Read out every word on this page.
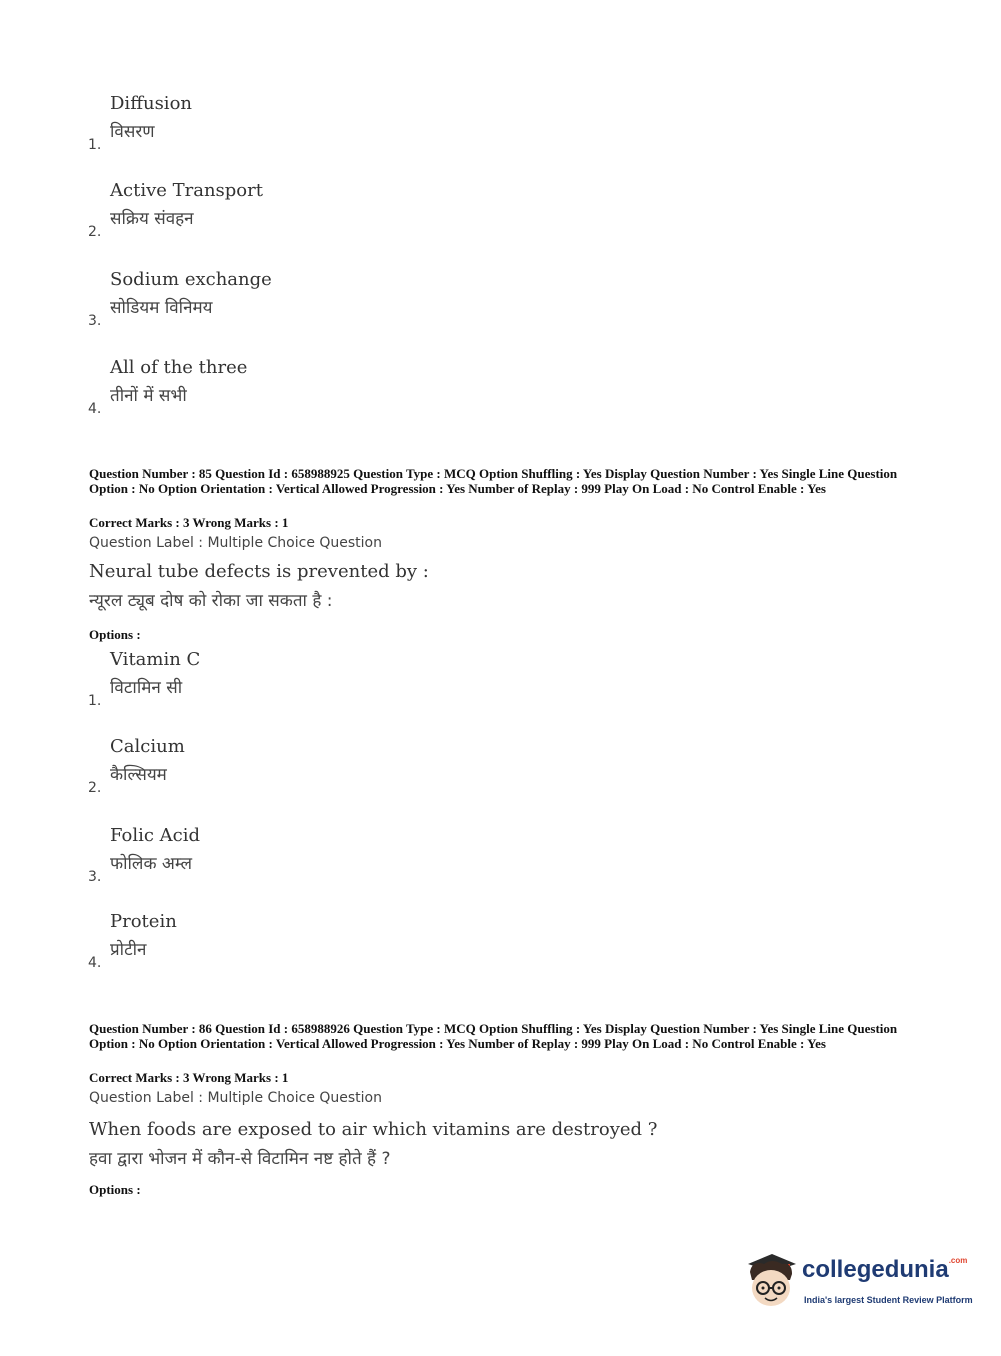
Diffusion
विसरण
1.
Active Transport
सक्रिय संवहन
2.
Sodium exchange
सोडियम विनिमय
3.
All of the three
तीनों में सभी
4.
Question Number : 85 Question Id : 658988925 Question Type : MCQ Option Shuffling : Yes Display Question Number : Yes Single Line Question Option : No Option Orientation : Vertical Allowed Progression : Yes Number of Replay : 999 Play On Load : No Control Enable : Yes
Correct Marks : 3 Wrong Marks : 1
Question Label : Multiple Choice Question
Neural tube defects is prevented by :
न्यूरल ट्यूब दोष को रोका जा सकता है :
Options :
Vitamin C
विटामिन सी
1.
Calcium
कैल्सियम
2.
Folic Acid
फोलिक अम्ल
3.
Protein
प्रोटीन
4.
Question Number : 86 Question Id : 658988926 Question Type : MCQ Option Shuffling : Yes Display Question Number : Yes Single Line Question Option : No Option Orientation : Vertical Allowed Progression : Yes Number of Replay : 999 Play On Load : No Control Enable : Yes
Correct Marks : 3 Wrong Marks : 1
Question Label : Multiple Choice Question
When foods are exposed to air which vitamins are destroyed ?
हवा द्वारा भोजन में कौन-से विटामिन नष्ट होते हैं ?
Options :
collegedunia$^{.com}$
India's largest Student Review Platform
